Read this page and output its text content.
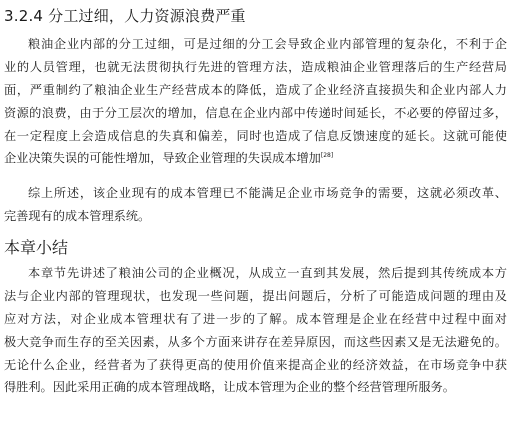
3.2.4 分工过细，人力资源浪费严重
粮油企业内部的分工过细，可是过细的分工会导致企业内部管理的复杂化，不利于企
业的人员管理，也就无法贯彻执行先进的管理方法，造成粮油企业管理落后的生产经营局
面，严重制约了粮油企业生产经营成本的降低，造成了企业经济直接损失和企业内部人力
资源的浪费，由于分工层次的增加，信息在企业内部中传递时间延长，不必要的停留过多，
在一定程度上会造成信息的失真和偏差，同时也造成了信息反馈速度的延长。这就可能使
企业决策失误的可能性增加，导致企业管理的失误成本增加[28]
综上所述，该企业现有的成本管理已不能满足企业市场竞争的需要，这就必须改革、
完善现有的成本管理系统。
本章小结
本章节先讲述了粮油公司的企业概况，从成立一直到其发展，然后提到其传统成本方
法与企业内部的管理现状，也发现一些问题，提出问题后，分析了可能造成问题的理由及
应对方法，对企业成本管理状有了进一步的了解。成本管理是企业在经营中过程中面对
极大竞争而生存的至关因素，从多个方面来讲存在差异原因，而这些因素又是无法避免的。
无论什么企业，经营者为了获得更高的使用价值来提高企业的经济效益，在市场竞争中获
得胜利。因此采用正确的成本管理战略，让成本管理为企业的整个经营管理所服务。
